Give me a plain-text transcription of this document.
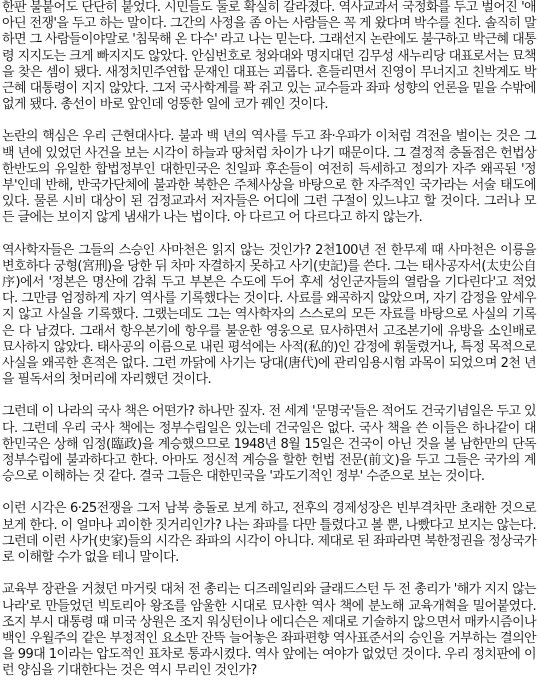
한판 불붙어도 단단히 붙었다. 시민들도 둘로 확실히 갈라졌다. 역사교과서 국정화를 두고 벌어진 '애아딘 전쟁'을 두고 하는 말이다. 그간의 사정을 좀 아는 사람들은 꼭 게 왔다며 박수를 친다. 솔직히 말하면 그 사람들이야말로 '침묵해 온 다수' 라고 나는 믿는다. 그래선지 논란에도 불구하고 박근혜 대통령 지지도는 크게 빠지지도 않았다. 안심번호로 청와대와 명지대던 김무성 새누리당 대표로서는 묘책을 찾은 셈이 됐다. 새정치민주연합 문재인 대표는 괴롭다. 흔들리면서 진영이 무너지고 친박계도 박근혜 대통령이 지지 않았다. 그저 국사학계를 꽉 쥐고 있는 교수들과 좌파 성향의 언론을 밑을 수밖에 없게 됐다. 총선이 바로 앞인데 엉뚱한 일에 코가 꿰인 것이다.

논란의 핵심은 우리 근현대사다. 불과 백 년의 역사를 두고 좌·우파가 이처럼 격전을 벌이는 것은 그 백 년에 있었던 사건을 보는 시각이 하늘과 땅처럼 차이가 나기 때문이다. 그 결정적 충돌점은 헌법상 한반도의 유일한 합법정부인 대한민국은 친일파 후손들이 여전히 득세하고 정의가 자주 왜곡된 '정부'인데 반해, 반국가단체에 불과한 북한은 주체사상을 바탕으로 한 자주적인 국가라는 서술 태도에 있다. 물론 시비 대상이 된 검정교과서 저자들은 어디에 그런 구절이 있느냐고 할 것이다. 그러나 모든 글에는 보이지 않게 냄새가 나는 법이다. 아 다르고 어 다르다고 하지 않는가.

역사학자들은 그들의 스승인 사마천은 읽지 않는 것인가? 2천100년 전 한무제 때 사마천은 이릉을 변호하다 궁형(宮刑)을 당한 뒤 차마 자결하지 못하고 사기(史記)를 쓴다. 그는 태사공자서(太史公自序)에서 '정본은 명산에 감춰 두고 부본은 수도에 두어 후세 성인군자들의 열람을 기다린다'고 적었다. 그만큼 엄정하게 자기 역사를 기록했다는 것이다. 사료를 왜곡하지 않았으며, 자기 감정을 앞세우지 않고 사실을 기록했다. 그랬는데도 그는 역사학자의 스스로의 모든 자료를 바탕으로 사실의 기록은 다 남겼다. 그래서 항우본기에 항우를 불운한 영웅으로 묘사하면서 고조본기에 유방을 소인배로 묘사하지 않았다. 태사공의 이름으로 내린 평석에는 사적(私的)인 감정에 휘둘렸거나, 특정 목적으로 사실을 왜곡한 흔적은 없다. 그런 까닭에 사기는 당대(唐代)에 관리임용시험 과목이 되었으며 2천 년을 필독서의 첫머리에 자리했던 것이다.

그런데 이 나라의 국사 책은 어떤가? 하나만 짚자. 전 세계 '문명국'들은 적어도 건국기념일은 두고 있다. 그런데 우리 국사 책에는 정부수립일은 있는데 건국일은 없다. 국사 책을 쓴 이들은 하나같이 대한민국은 상해 임정(臨政)을 계승했으므로 1948년 8월 15일은 건국이 아닌 것을 볼 남한만의 단독 정부수립에 불과하다고 한다. 아마도 정신적 계승을 할한 헌법 전문(前文)을 두고 그들은 국가의 계승으로 이해하는 것 같다. 결국 그들은 대한민국을 '과도기적인 정부' 수준으로 보는 것이다.

이런 시각은 6·25전쟁을 그저 남북 충돌로 보게 하고, 전후의 경제성장은 빈부격차만 초래한 것으로 보게 한다. 이 얼마나 괴이한 짓거리인가? 나는 좌파를 다만 틀렸다고 볼 뿐, 나빴다고 보지는 않는다. 그런데 이런 사가(史家)들의 시각은 좌파의 시각이 아니다. 제대로 된 좌파라면 북한정권을 정상국가로 이해할 수가 없을 테니 말이다.

교육부 장관을 거쳤던 마거릿 대처 전 총리는 디즈레일리와 글래드스턴 두 전 총리가 '해가 지지 않는 나라'로 만들었던 빅토리아 왕조를 암울한 시대로 묘사한 역사 책에 분노해 교육개혁을 밀어붙였다. 조지 부시 대통령 때 미국 상원은 조지 워싱턴이나 에디슨은 제대로 기술하지 않으면서 매카시즘이나 백인 우월주의 같은 부정적인 요소만 잔뜩 늘어놓은 좌파편향 역사표준서의 승인을 거부하는 결의안을 99대 1이라는 압도적인 표차로 통과시켰다. 역사 앞에는 여야가 없었던 것이다. 우리 정치판에 이런 양심을 기대한다는 것은 역시 무리인 것인가?
